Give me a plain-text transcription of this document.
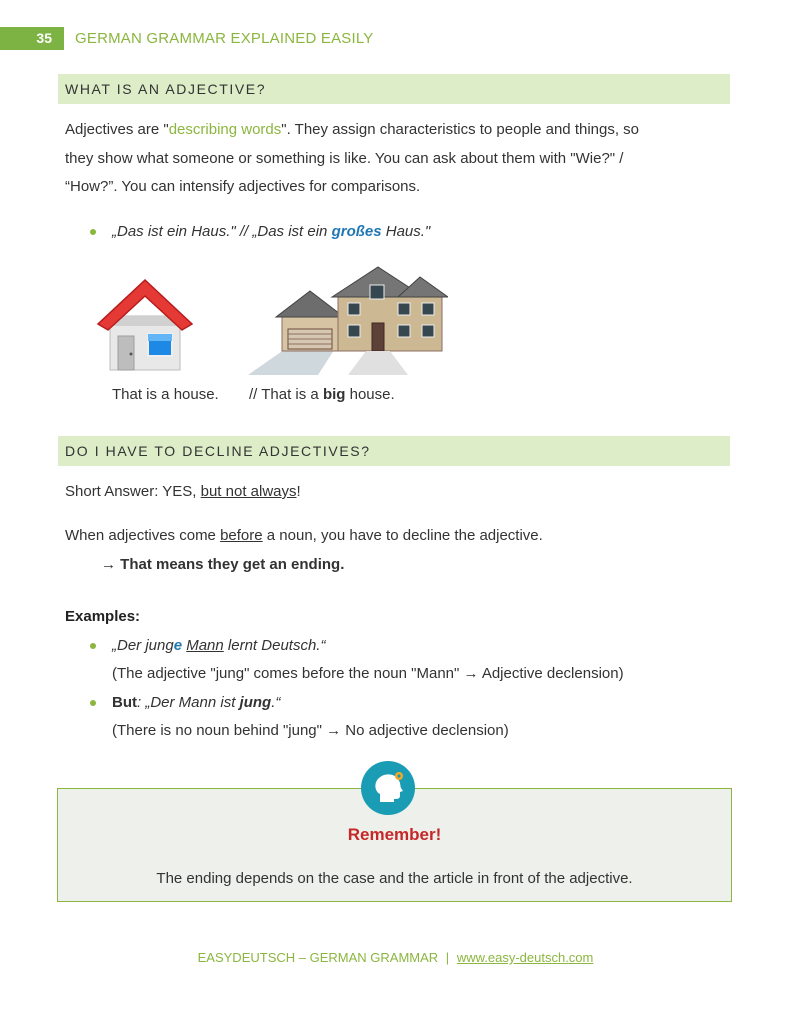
35	GERMAN GRAMMAR EXPLAINED EASILY
WHAT IS AN ADJECTIVE?
Adjectives are "describing words". They assign characteristics to people and things, so
they show what someone or something is like. You can ask about them with "Wie?" /
“How?”. You can intensify adjectives for comparisons.
„Das ist ein Haus." // „Das ist ein großes Haus."
That is a house. // That is a big house.
DO I HAVE TO DECLINE ADJECTIVES?
Short Answer: YES, but not always!
When adjectives come before a noun, you have to decline the adjective.
→ That means they get an ending.
Examples:
„Der junge Mann lernt Deutsch.“
(The adjective "jung" comes before the noun "Mann" → Adjective declension)
But: „Der Mann ist jung.“
(There is no noun behind "jung" → No adjective declension)
Remember!
The ending depends on the case and the article in front of the adjective.
EASYDEUTSCH – GERMAN GRAMMAR | www.easy-deutsch.com
